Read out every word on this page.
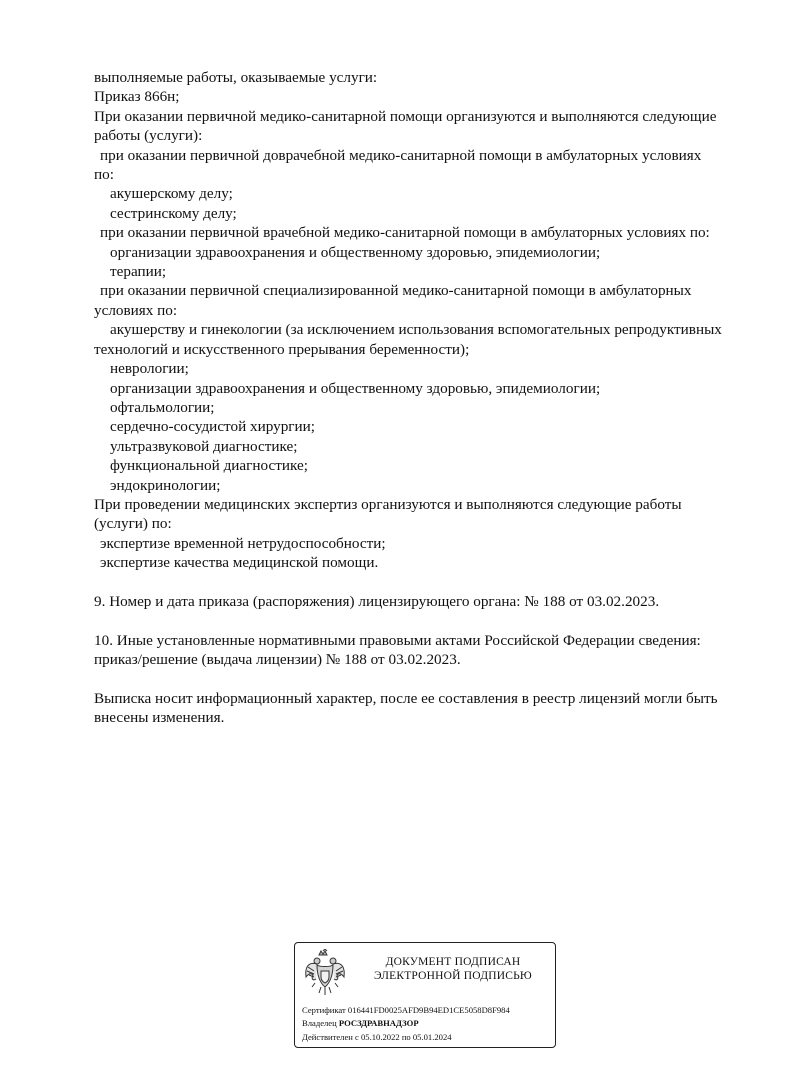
выполняемые работы, оказываемые услуги:
Приказ 866н;
При оказании первичной медико-санитарной помощи организуются и выполняются следующие
работы (услуги):
при оказании первичной доврачебной медико-санитарной помощи в амбулаторных условиях
по:
акушерскому делу;
сестринскому делу;
при оказании первичной врачебной медико-санитарной помощи в амбулаторных условиях по:
организации здравоохранения и общественному здоровью, эпидемиологии;
терапии;
при оказании первичной специализированной медико-санитарной помощи в амбулаторных
условиях по:
акушерству и гинекологии (за исключением использования вспомогательных репродуктивных
технологий и искусственного прерывания беременности);
неврологии;
организации здравоохранения и общественному здоровью, эпидемиологии;
офтальмологии;
сердечно-сосудистой хирургии;
ультразвуковой диагностике;
функциональной диагностике;
эндокринологии;
При проведении медицинских экспертиз организуются и выполняются следующие работы
(услуги) по:
экспертизе временной нетрудоспособности;
экспертизе качества медицинской помощи.
9. Номер и дата приказа (распоряжения) лицензирующего органа: № 188 от 03.02.2023.
10. Иные установленные нормативными правовыми актами Российской Федерации сведения:
приказ/решение (выдача лицензии) № 188 от 03.02.2023.
Выписка носит информационный характер, после ее составления в реестр лицензий могли быть
внесены изменения.
ДОКУМЕНТ ПОДПИСАН
ЭЛЕКТРОННОЙ ПОДПИСЬЮ
Сертификат 016441FD0025AFD9B94ED1CE5058D8F984
Владелец РОСЗДРАВНАДЗОР
Действителен с 05.10.2022 по 05.01.2024
